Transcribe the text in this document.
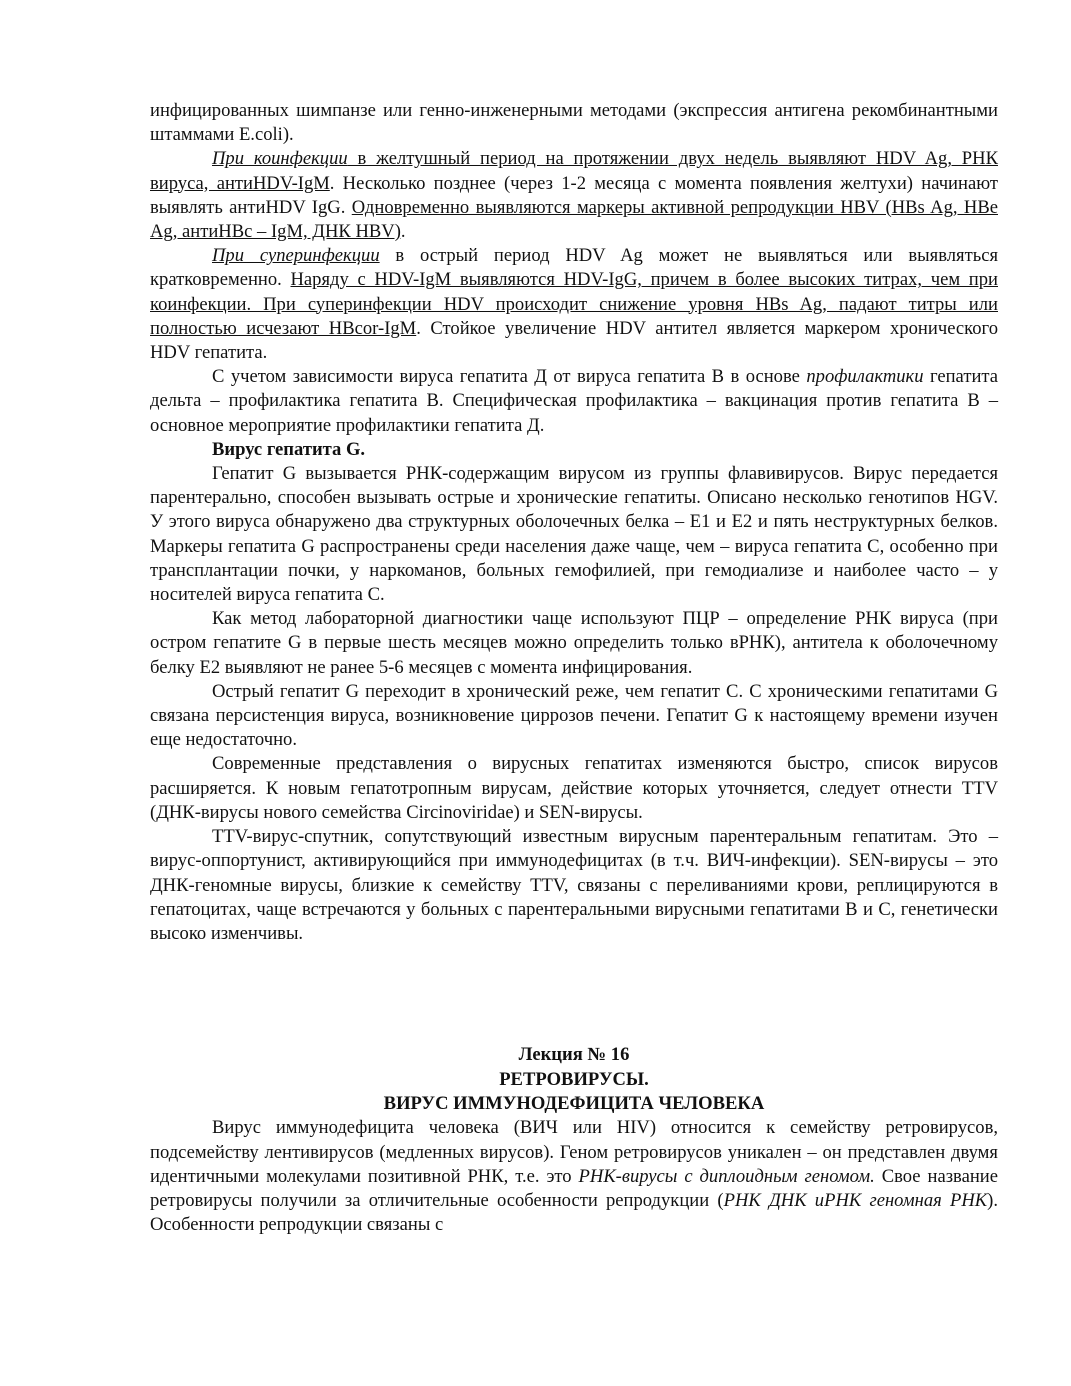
инфицированных шимпанзе или генно-инженерными методами (экспрессия антигена рекомбинантными штаммами E.coli).

При коинфекции в желтушный период на протяжении двух недель выявляют HDV Ag, РНК вируса, антиHDV-IgM. Несколько позднее (через 1-2 месяца с момента появления желтухи) начинают выявлять антиHDV IgG. Одновременно выявляются маркеры активной репродукции HBV (HBs Ag, HBe Ag, антиHBc – IgM, ДНК HBV).

При суперинфекции в острый период HDV Ag может не выявляться или выявляться кратковременно. Наряду с HDV-IgM выявляются HDV-IgG, причем в более высоких титрах, чем при коинфекции. При суперинфекции HDV происходит снижение уровня HBs Ag, падают титры или полностью исчезают HBcor-IgM. Стойкое увеличение HDV антител является маркером хронического HDV гепатита.

С учетом зависимости вируса гепатита Д от вируса гепатита В в основе профилактики гепатита дельта – профилактика гепатита В. Специфическая профилактика – вакцинация против гепатита В – основное мероприятие профилактики гепатита Д.

Вирус гепатита G.

Гепатит G вызывается РНК-содержащим вирусом из группы флавивирусов. Вирус передается парентерально, способен вызывать острые и хронические гепатиты. Описано несколько генотипов HGV. У этого вируса обнаружено два структурных оболочечных белка – Е1 и Е2 и пять неструктурных белков. Маркеры гепатита G распространены среди населения даже чаще, чем – вируса гепатита С, особенно при трансплантации почки, у наркоманов, больных гемофилией, при гемодиализе и наиболее часто – у носителей вируса гепатита С.

Как метод лабораторной диагностики чаще используют ПЦР – определение РНК вируса (при остром гепатите G в первые шесть месяцев можно определить только вРНК), антитела к оболочечному белку Е2 выявляют не ранее 5-6 месяцев с момента инфицирования.

Острый гепатит G переходит в хронический реже, чем гепатит С. С хроническими гепатитами G связана персистенция вируса, возникновение циррозов печени. Гепатит G к настоящему времени изучен еще недостаточно.

Современные представления о вирусных гепатитах изменяются быстро, список вирусов расширяется. К новым гепатотропным вирусам, действие которых уточняется, следует отнести TTV (ДНК-вирусы нового семейства Circinoviridae) и SEN-вирусы.

TTV-вирус-спутник, сопутствующий известным вирусным парентеральным гепатитам. Это – вирус-оппортунист, активирующийся при иммунодефицитах (в т.ч. ВИЧ-инфекции). SEN-вирусы – это ДНК-геномные вирусы, близкие к семейству TTV, связаны с переливаниями крови, реплицируются в гепатоцитах, чаще встречаются у больных с парентеральными вирусными гепатитами В и С, генетически высоко изменчивы.

Лекция № 16
РЕТРОВИРУСЫ.
ВИРУС ИММУНОДЕФИЦИТА ЧЕЛОВЕКА

Вирус иммунодефицита человека (ВИЧ или HIV) относится к семейству ретровирусов, подсемейству лентивирусов (медленных вирусов). Геном ретровирусов уникален – он представлен двумя идентичными молекулами позитивной РНК, т.е. это РНК-вирусы с диплоидным геномом. Свое название ретровирусы получили за отличительные особенности репродукции (РНК ДНК иРНК геномная РНК). Особенности репродукции связаны с
